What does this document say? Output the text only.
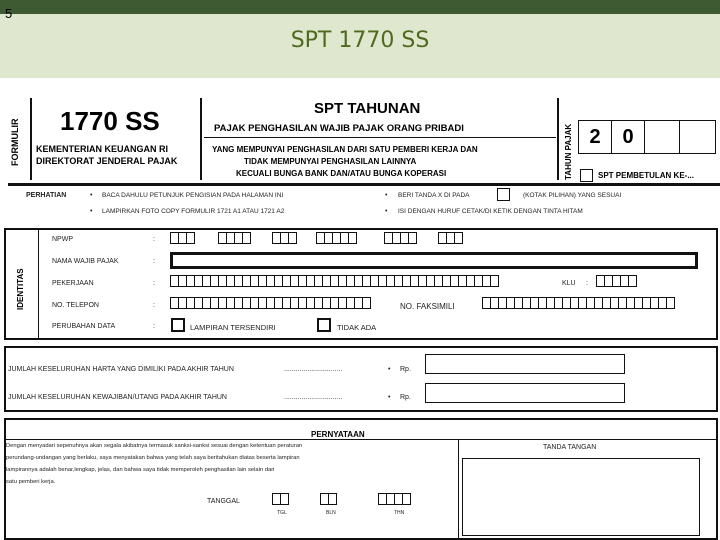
5
SPT 1770 SS
FORMULIR 1770 SS
KEMENTERIAN KEUANGAN RI
DIREKTORAT JENDERAL PAJAK
SPT TAHUNAN
PAJAK PENGHASILAN WAJIB PAJAK ORANG PRIBADI
YANG MEMPUNYAI PENGHASILAN DARI SATU PEMBERI KERJA DAN
TIDAK MEMPUNYAI PENGHASILAN LAINNYA
KECUALI BUNGA BANK DAN/ATAU BUNGA KOPERASI	TAHUN PAJAK 2	0
SPT PEMBETULAN KE-...
PERHATIAN	• BACA DAHULU PETUNJUK PENGISIAN PADA HALAMAN INI
• LAMPIRKAN FOTO COPY FORMULIR 1721 A1 ATAU 1721 A2
• BERI TANDA X DI PADA	(KOTAK PILIHAN) YANG SESUAI
• ISI DENGAN HURUF CETAK/DI KETIK DENGAN TINTA HITAM
IDENTITAS
NPWP	:
NAMA WAJIB PAJAK	:
PEKERJAAN	:	KLU :
NO. TELEPON	:	NO. FAKSIMILI
PERUBAHAN DATA	:	LAMPIRAN TERSENDIRI	TIDAK ADA
JUMLAH KESELURUHAN HARTA YANG DIMILIKI PADA AKHIR TAHUN	..............................	• Rp.
JUMLAH KESELURUHAN KEWAJIBAN/UTANG PADA AKHIR TAHUN	..............................	• Rp.
PERNYATAAN
Dengan menyadari sepenuhnya akan segala akibatnya termasuk sanksi-sanksi sesuai dengan ketentuan peraturan
perundang-undangan yang berlaku, saya menyatakan bahwa yang telah saya beritahukan diatas beserta lampiran
lampirannya adalah benar,lengkap, jelas, dan bahwa saya tidak memperoleh penghasilan lain selain dari
satu pemberi kerja.
TANDA TANGAN
TANGGAL
TGL	BLN	THN
